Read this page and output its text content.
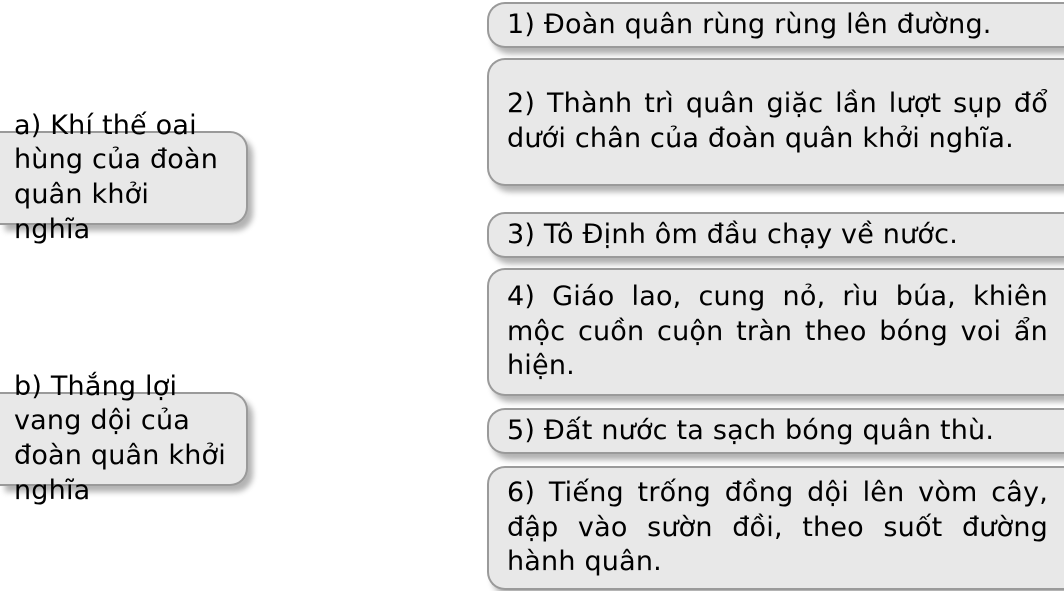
a) Khí thế oai hùng của đoàn quân khởi nghĩa
b) Thắng lợi vang dội của đoàn quân khởi nghĩa
1) Đoàn quân rùng rùng lên đường.
2) Thành trì quân giặc lần lượt sụp đổ dưới chân của đoàn quân khởi nghĩa.
3) Tô Định ôm đầu chạy về nước.
4) Giáo lao, cung nỏ, rìu búa, khiên mộc cuồn cuộn tràn theo bóng voi ẩn hiện.
5) Đất nước ta sạch bóng quân thù.
6) Tiếng trống đồng dội lên vòm cây, đập vào sườn đồi, theo suốt đường hành quân.
